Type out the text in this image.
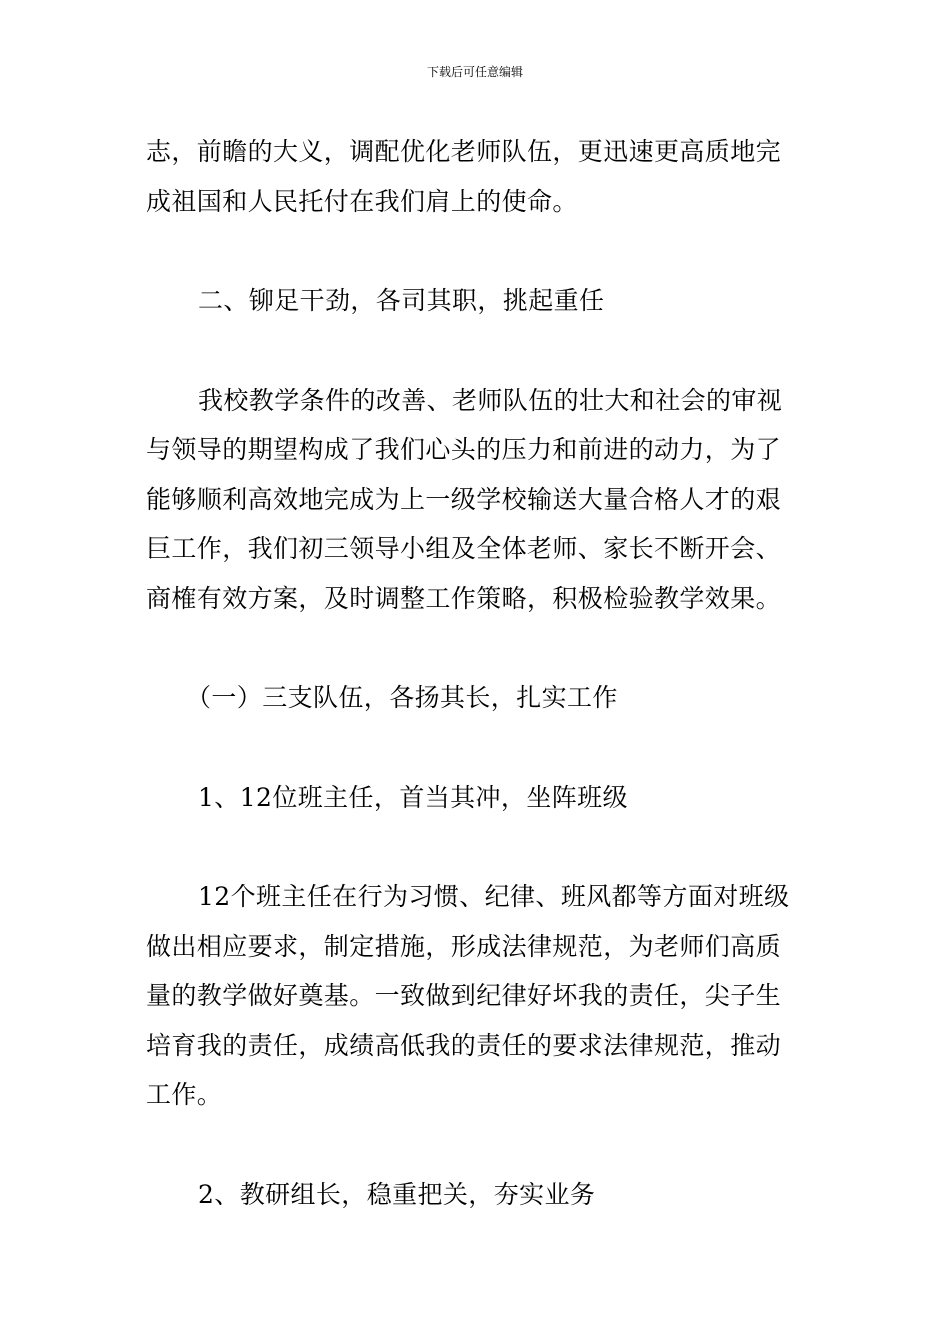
下载后可任意编辑

志，前瞻的大义，调配优化老师队伍，更迅速更高质地完
成祖国和人民托付在我们肩上的使命。

二、铆足干劲，各司其职，挑起重任

我校教学条件的改善、老师队伍的壮大和社会的审视
与领导的期望构成了我们心头的压力和前进的动力，为了
能够顺利高效地完成为上一级学校输送大量合格人才的艰
巨工作，我们初三领导小组及全体老师、家长不断开会、
商榷有效方案，及时调整工作策略，积极检验教学效果。

（一）三支队伍，各扬其长，扎实工作

1、12位班主任，首当其冲，坐阵班级

12个班主任在行为习惯、纪律、班风都等方面对班级
做出相应要求，制定措施，形成法律规范，为老师们高质
量的教学做好奠基。一致做到纪律好坏我的责任，尖子生
培育我的责任，成绩高低我的责任的要求法律规范，推动
工作。

2、教研组长，稳重把关，夯实业务
